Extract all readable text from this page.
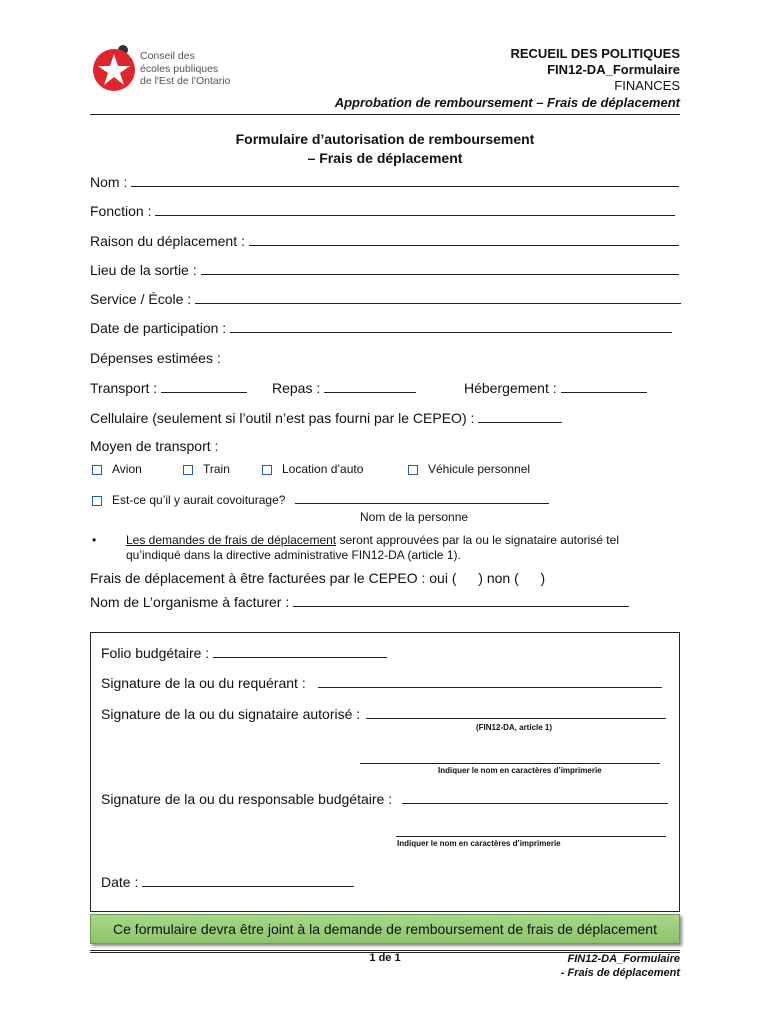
Conseil des
écoles publiques
de l'Est de l'Ontario
RECUEIL DES POLITIQUES
FIN12-DA_Formulaire
FINANCES
Approbation de remboursement – Frais de déplacement
Formulaire d’autorisation de remboursement
– Frais de déplacement
Nom :
Fonction :
Raison du déplacement :
Lieu de la sortie :
Service / École :
Date de participation :
Dépenses estimées :
Transport :	Repas :	Hébergement :
Cellulaire (seulement si l’outil n’est pas fourni par le CEPEO) :
Moyen de transport :
Avion	Train	Location d’auto	Véhicule personnel
Est-ce qu’il y aurait covoiturage?
Nom de la personne
• Les demandes de frais de déplacement seront approuvées par la ou le signataire autorisé tel
qu’indiqué dans la directive administrative FIN12-DA (article 1).
Frais de déplacement à être facturées par le CEPEO : oui ( ) non ( )
Nom de L’organisme à facturer :
Folio budgétaire :
Signature de la ou du requérant :
Signature de la ou du signataire autorisé :
(FIN12-DA, article 1)
Indiquer le nom en caractères d’imprimerie
Signature de la ou du responsable budgétaire :
Indiquer le nom en caractères d’imprimerie
Date :
Ce formulaire devra être joint à la demande de remboursement de frais de déplacement
1 de 1	FIN12-DA_Formulaire
- Frais de déplacement
